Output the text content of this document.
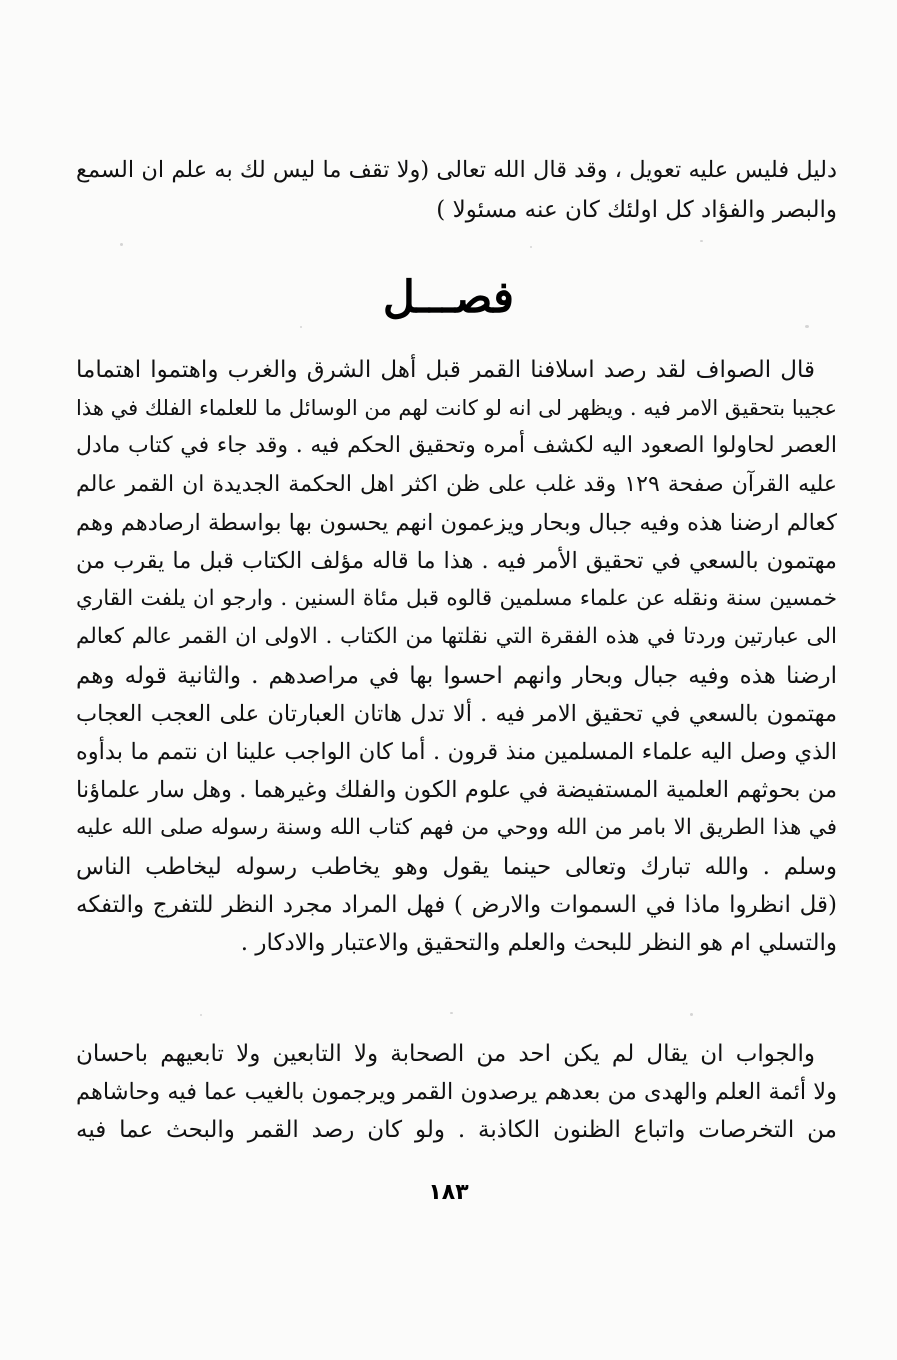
دليل فليس عليه تعويل ، وقد قال الله تعالى (ولا تقف ما ليس لك به علم ان السمع
والبصر والفؤاد كل اولئك كان عنه مسئولا )
فصـــل
قال الصواف لقد رصد اسلافنا القمر قبل أهل الشرق والغرب واهتموا اهتماما
عجيبا بتحقيق الامر فيه . ويظهر لى انه لو كانت لهم من الوسائل ما للعلماء الفلك في هذا
العصر لحاولوا الصعود اليه لكشف أمره وتحقيق الحكم فيه . وقد جاء في كتاب مادل
عليه القرآن صفحة ١٢٩ وقد غلب على ظن اكثر اهل الحكمة الجديدة ان القمر عالم
كعالم ارضنا هذه وفيه جبال وبحار ويزعمون انهم يحسون بها بواسطة ارصادهم وهم
مهتمون بالسعي في تحقيق الأمر فيه . هذا ما قاله مؤلف الكتاب قبل ما يقرب من
خمسين سنة ونقله عن علماء مسلمين قالوه قبل مئاة السنين . وارجو ان يلفت القاري
الى عبارتين وردتا في هذه الفقرة التي نقلتها من الكتاب . الاولى ان القمر عالم كعالم
ارضنا هذه وفيه جبال وبحار وانهم احسوا بها في مراصدهم . والثانية قوله وهم
مهتمون بالسعي في تحقيق الامر فيه . ألا تدل هاتان العبارتان على العجب العجاب
الذي وصل اليه علماء المسلمين منذ قرون . أما كان الواجب علينا ان نتمم ما بدأوه
من بحوثهم العلمية المستفيضة في علوم الكون والفلك وغيرهما . وهل سار علماؤنا
في هذا الطريق الا بامر من الله ووحي من فهم كتاب الله وسنة رسوله صلى الله عليه
وسلم . والله تبارك وتعالى حينما يقول وهو يخاطب رسوله ليخاطب الناس
(قل انظروا ماذا في السموات والارض ) فهل المراد مجرد النظر للتفرج والتفكه
والتسلي ام هو النظر للبحث والعلم والتحقيق والاعتبار والادكار .
والجواب ان يقال لم يكن احد من الصحابة ولا التابعين ولا تابعيهم باحسان
ولا أئمة العلم والهدى من بعدهم يرصدون القمر ويرجمون بالغيب عما فيه وحاشاهم
من التخرصات واتباع الظنون الكاذبة . ولو كان رصد القمر والبحث عما فيه
١٨٣
